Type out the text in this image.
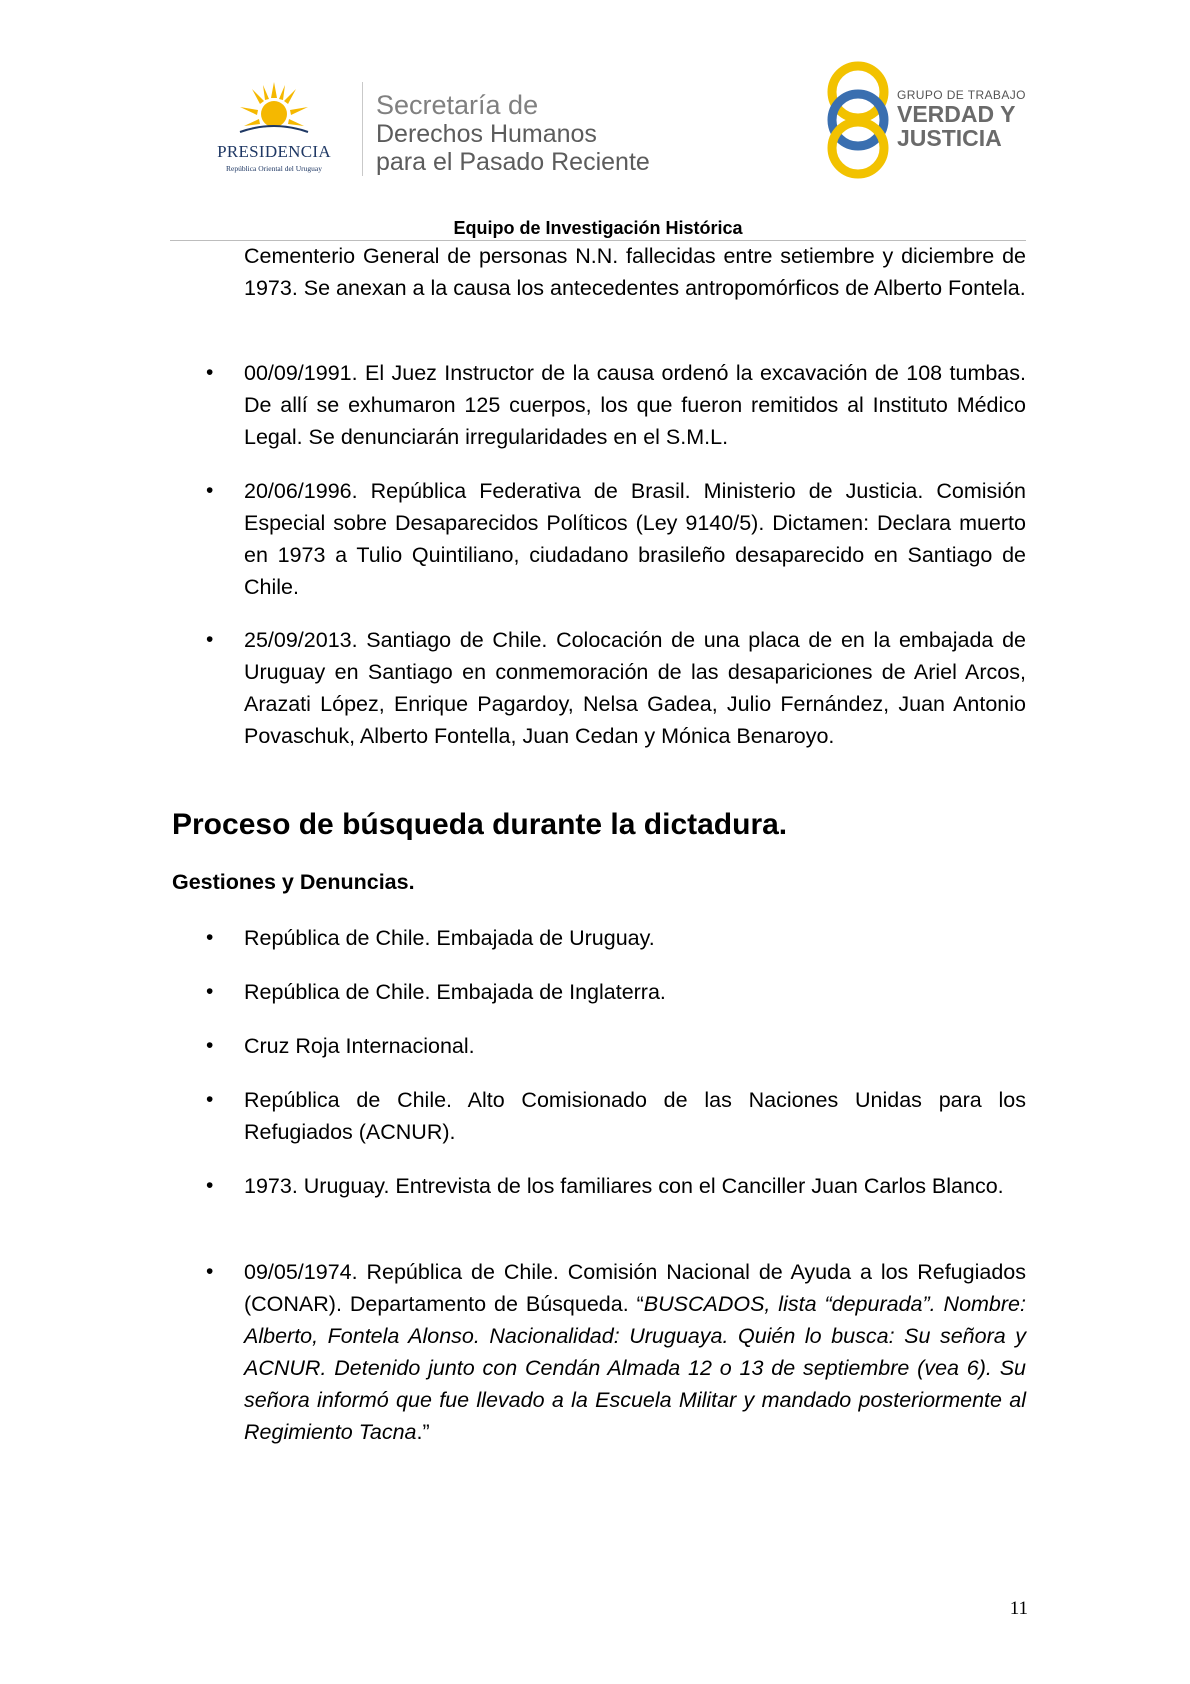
PRESIDENCIA
República Oriental del Uruguay
Secretaría de
Derechos Humanos
para el Pasado Reciente
GRUPO DE TRABAJO
VERDAD Y
JUSTICIA
Equipo de Investigación Histórica
Cementerio General de personas N.N. fallecidas entre setiembre y diciembre de 1973. Se anexan a la causa los antecedentes antropomórficos de Alberto Fontela.
• 00/09/1991. El Juez Instructor de la causa ordenó la excavación de 108 tumbas. De allí se exhumaron 125 cuerpos, los que fueron remitidos al Instituto Médico Legal. Se denunciarán irregularidades en el S.M.L.
• 20/06/1996. República Federativa de Brasil. Ministerio de Justicia. Comisión Especial sobre Desaparecidos Políticos (Ley 9140/5). Dictamen: Declara muerto en 1973 a Tulio Quintiliano, ciudadano brasileño desaparecido en Santiago de Chile.
• 25/09/2013. Santiago de Chile. Colocación de una placa de en la embajada de Uruguay en Santiago en conmemoración de las desapariciones de Ariel Arcos, Arazati López, Enrique Pagardoy, Nelsa Gadea, Julio Fernández, Juan Antonio Povaschuk, Alberto Fontella, Juan Cedan y Mónica Benaroyo.
Proceso de búsqueda durante la dictadura.
Gestiones y Denuncias.
• República de Chile. Embajada de Uruguay.
• República de Chile. Embajada de Inglaterra.
• Cruz Roja Internacional.
• República de Chile. Alto Comisionado de las Naciones Unidas para los Refugiados (ACNUR).
• 1973. Uruguay. Entrevista de los familiares con el Canciller Juan Carlos Blanco.
• 09/05/1974. República de Chile. Comisión Nacional de Ayuda a los Refugiados (CONAR). Departamento de Búsqueda. “BUSCADOS, lista “depurada”. Nombre: Alberto, Fontela Alonso. Nacionalidad: Uruguaya. Quién lo busca: Su señora y ACNUR. Detenido junto con Cendán Almada 12 o 13 de septiembre (vea 6). Su señora informó que fue llevado a la Escuela Militar y mandado posteriormente al Regimiento Tacna.”
11
